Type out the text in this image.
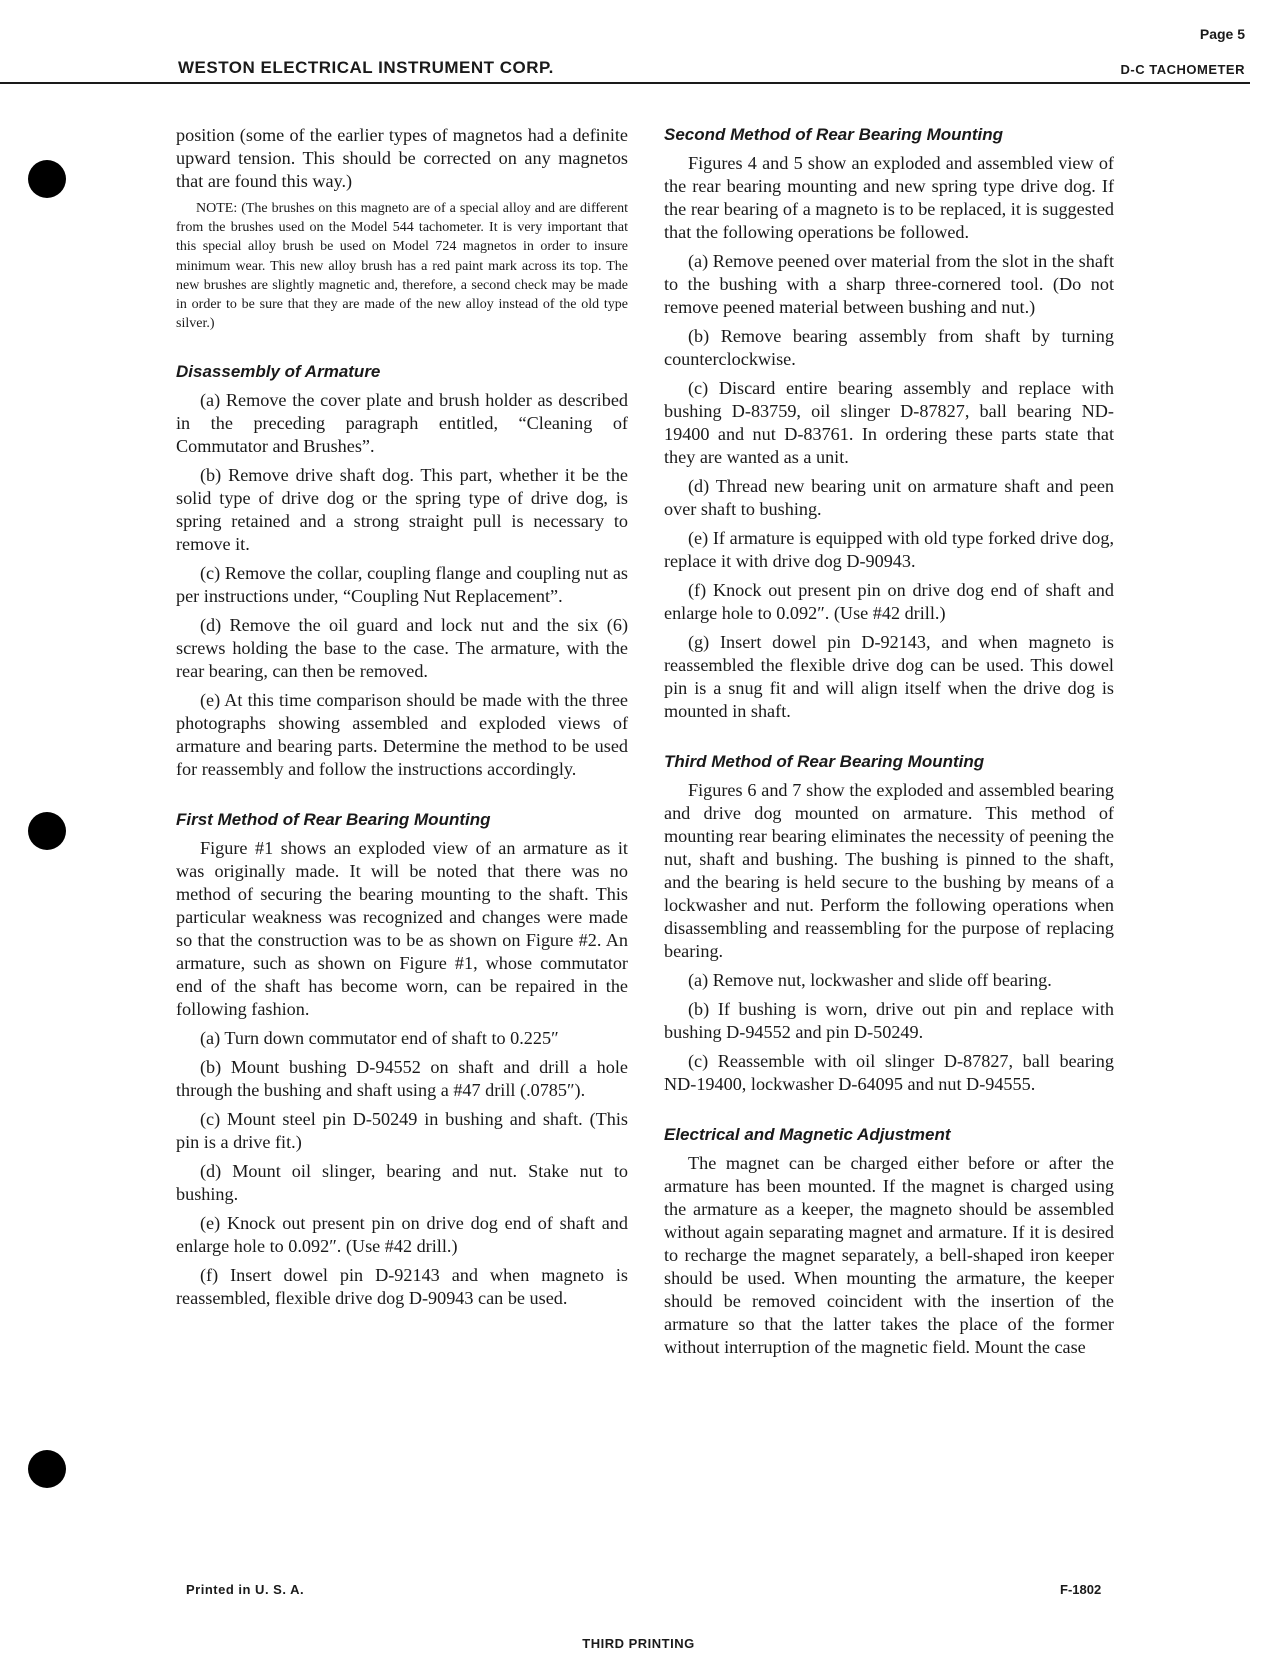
Page 5
WESTON ELECTRICAL INSTRUMENT CORP.	D-C TACHOMETER

position (some of the earlier types of magnetos had a definite upward tension. This should be corrected on any magnetos that are found this way.)

NOTE: (The brushes on this magneto are of a special alloy and are different from the brushes used on the Model 544 tachometer. It is very important that this special alloy brush be used on Model 724 magnetos in order to insure minimum wear. This new alloy brush has a red paint mark across its top. The new brushes are slightly magnetic and, therefore, a second check may be made in order to be sure that they are made of the new alloy instead of the old type silver.)

Disassembly of Armature

(a) Remove the cover plate and brush holder as described in the preceding paragraph entitled, “Cleaning of Commutator and Brushes”.

(b) Remove drive shaft dog. This part, whether it be the solid type of drive dog or the spring type of drive dog, is spring retained and a strong straight pull is necessary to remove it.

(c) Remove the collar, coupling flange and coupling nut as per instructions under, “Coupling Nut Replacement”.

(d) Remove the oil guard and lock nut and the six (6) screws holding the base to the case. The armature, with the rear bearing, can then be removed.

(e) At this time comparison should be made with the three photographs showing assembled and exploded views of armature and bearing parts. Determine the method to be used for reassembly and follow the instructions accordingly.

First Method of Rear Bearing Mounting

Figure #1 shows an exploded view of an armature as it was originally made. It will be noted that there was no method of securing the bearing mounting to the shaft. This particular weakness was recognized and changes were made so that the construction was to be as shown on Figure #2. An armature, such as shown on Figure #1, whose commutator end of the shaft has become worn, can be repaired in the following fashion.

(a) Turn down commutator end of shaft to 0.225″

(b) Mount bushing D-94552 on shaft and drill a hole through the bushing and shaft using a #47 drill (.0785″).

(c) Mount steel pin D-50249 in bushing and shaft. (This pin is a drive fit.)

(d) Mount oil slinger, bearing and nut. Stake nut to bushing.

(e) Knock out present pin on drive dog end of shaft and enlarge hole to 0.092″. (Use #42 drill.)

(f) Insert dowel pin D-92143 and when magneto is reassembled, flexible drive dog D-90943 can be used.

Second Method of Rear Bearing Mounting

Figures 4 and 5 show an exploded and assembled view of the rear bearing mounting and new spring type drive dog. If the rear bearing of a magneto is to be replaced, it is suggested that the following operations be followed.

(a) Remove peened over material from the slot in the shaft to the bushing with a sharp three-cornered tool. (Do not remove peened material between bushing and nut.)

(b) Remove bearing assembly from shaft by turning counterclockwise.

(c) Discard entire bearing assembly and replace with bushing D-83759, oil slinger D-87827, ball bearing ND-19400 and nut D-83761. In ordering these parts state that they are wanted as a unit.

(d) Thread new bearing unit on armature shaft and peen over shaft to bushing.

(e) If armature is equipped with old type forked drive dog, replace it with drive dog D-90943.

(f) Knock out present pin on drive dog end of shaft and enlarge hole to 0.092″. (Use #42 drill.)

(g) Insert dowel pin D-92143, and when magneto is reassembled the flexible drive dog can be used. This dowel pin is a snug fit and will align itself when the drive dog is mounted in shaft.

Third Method of Rear Bearing Mounting

Figures 6 and 7 show the exploded and assembled bearing and drive dog mounted on armature. This method of mounting rear bearing eliminates the necessity of peening the nut, shaft and bushing. The bushing is pinned to the shaft, and the bearing is held secure to the bushing by means of a lockwasher and nut. Perform the following operations when disassembling and reassembling for the purpose of replacing bearing.

(a) Remove nut, lockwasher and slide off bearing.

(b) If bushing is worn, drive out pin and replace with bushing D-94552 and pin D-50249.

(c) Reassemble with oil slinger D-87827, ball bearing ND-19400, lockwasher D-64095 and nut D-94555.

Electrical and Magnetic Adjustment

The magnet can be charged either before or after the armature has been mounted. If the magnet is charged using the armature as a keeper, the magneto should be assembled without again separating magnet and armature. If it is desired to recharge the magnet separately, a bell-shaped iron keeper should be used. When mounting the armature, the keeper should be removed coincident with the insertion of the armature so that the latter takes the place of the former without interruption of the magnetic field. Mount the case

Printed in U. S. A.	F-1802
THIRD PRINTING
